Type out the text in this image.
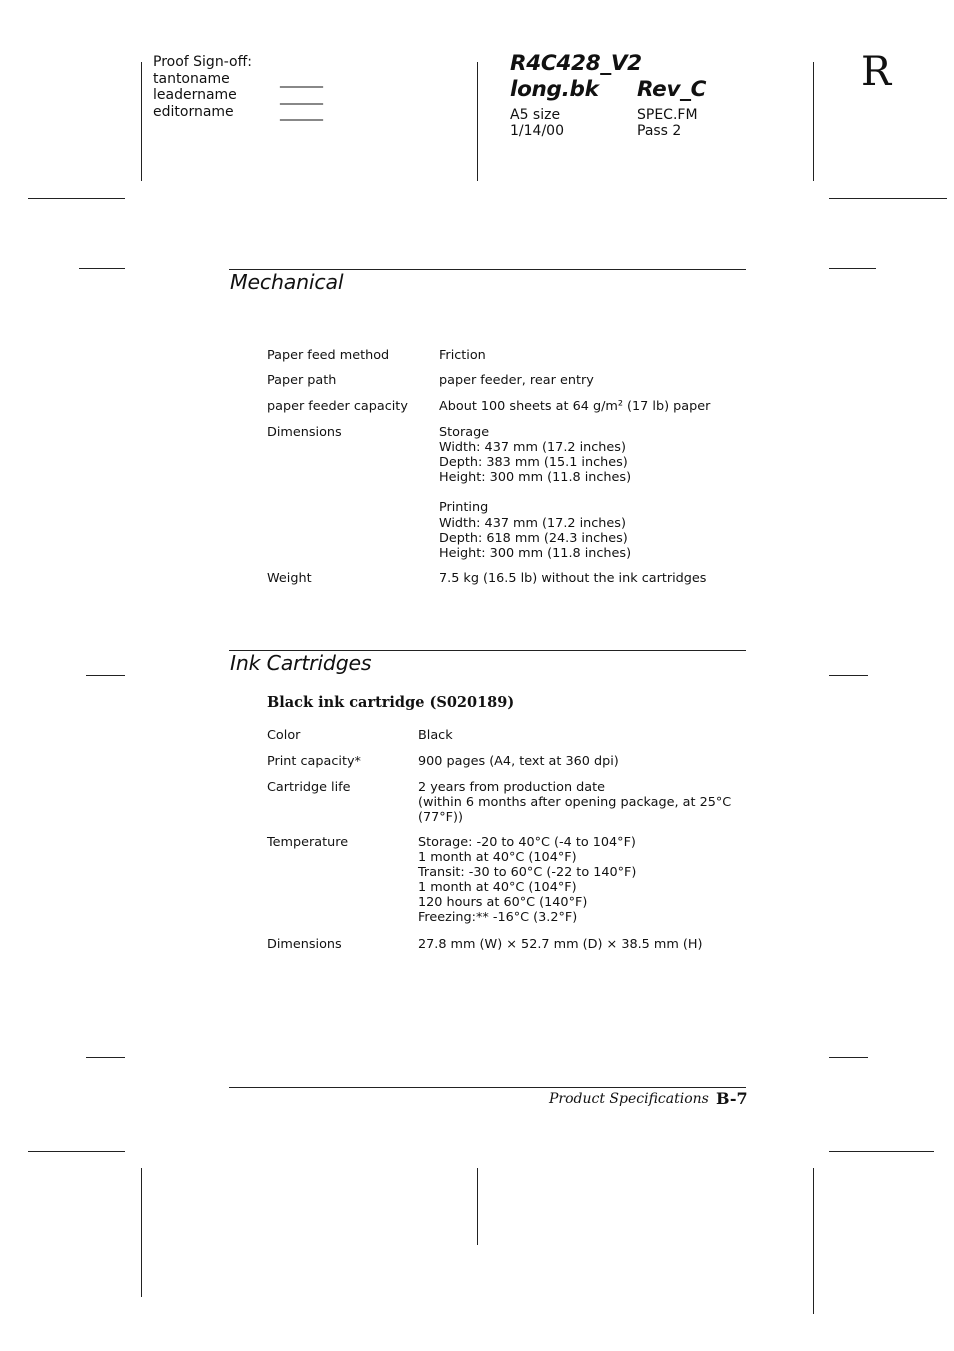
Proof Sign-off:
tantoname
leadername
editorname
_______
_______
_______
R4C428_V2
long.bk Rev_C
A5 size
1/14/00
SPEC.FM
Pass 2
R
Mechanical
Paper feed method	Friction
Paper path	paper feeder, rear entry
paper feeder capacity About 100 sheets at 64 g/m² (17 lb) paper
Dimensions	Storage
Width: 437 mm (17.2 inches)
Depth: 383 mm (15.1 inches)
Height: 300 mm (11.8 inches)

Printing
Width: 437 mm (17.2 inches)
Depth: 618 mm (24.3 inches)
Height: 300 mm (11.8 inches)
Weight	7.5 kg (16.5 lb) without the ink cartridges
Ink Cartridges
Black ink cartridge (S020189)
Color	Black
Print capacity*	900 pages (A4, text at 360 dpi)
Cartridge life	2 years from production date
(within 6 months after opening package, at 25°C
(77°F))
Temperature	Storage: -20 to 40°C (-4 to 104°F)
1 month at 40°C (104°F)
Transit: -30 to 60°C (-22 to 140°F)
1 month at 40°C (104°F)
120 hours at 60°C (140°F)
Freezing:** -16°C (3.2°F)
Dimensions	27.8 mm (W) × 52.7 mm (D) × 38.5 mm (H)
Product Specifications B-7
